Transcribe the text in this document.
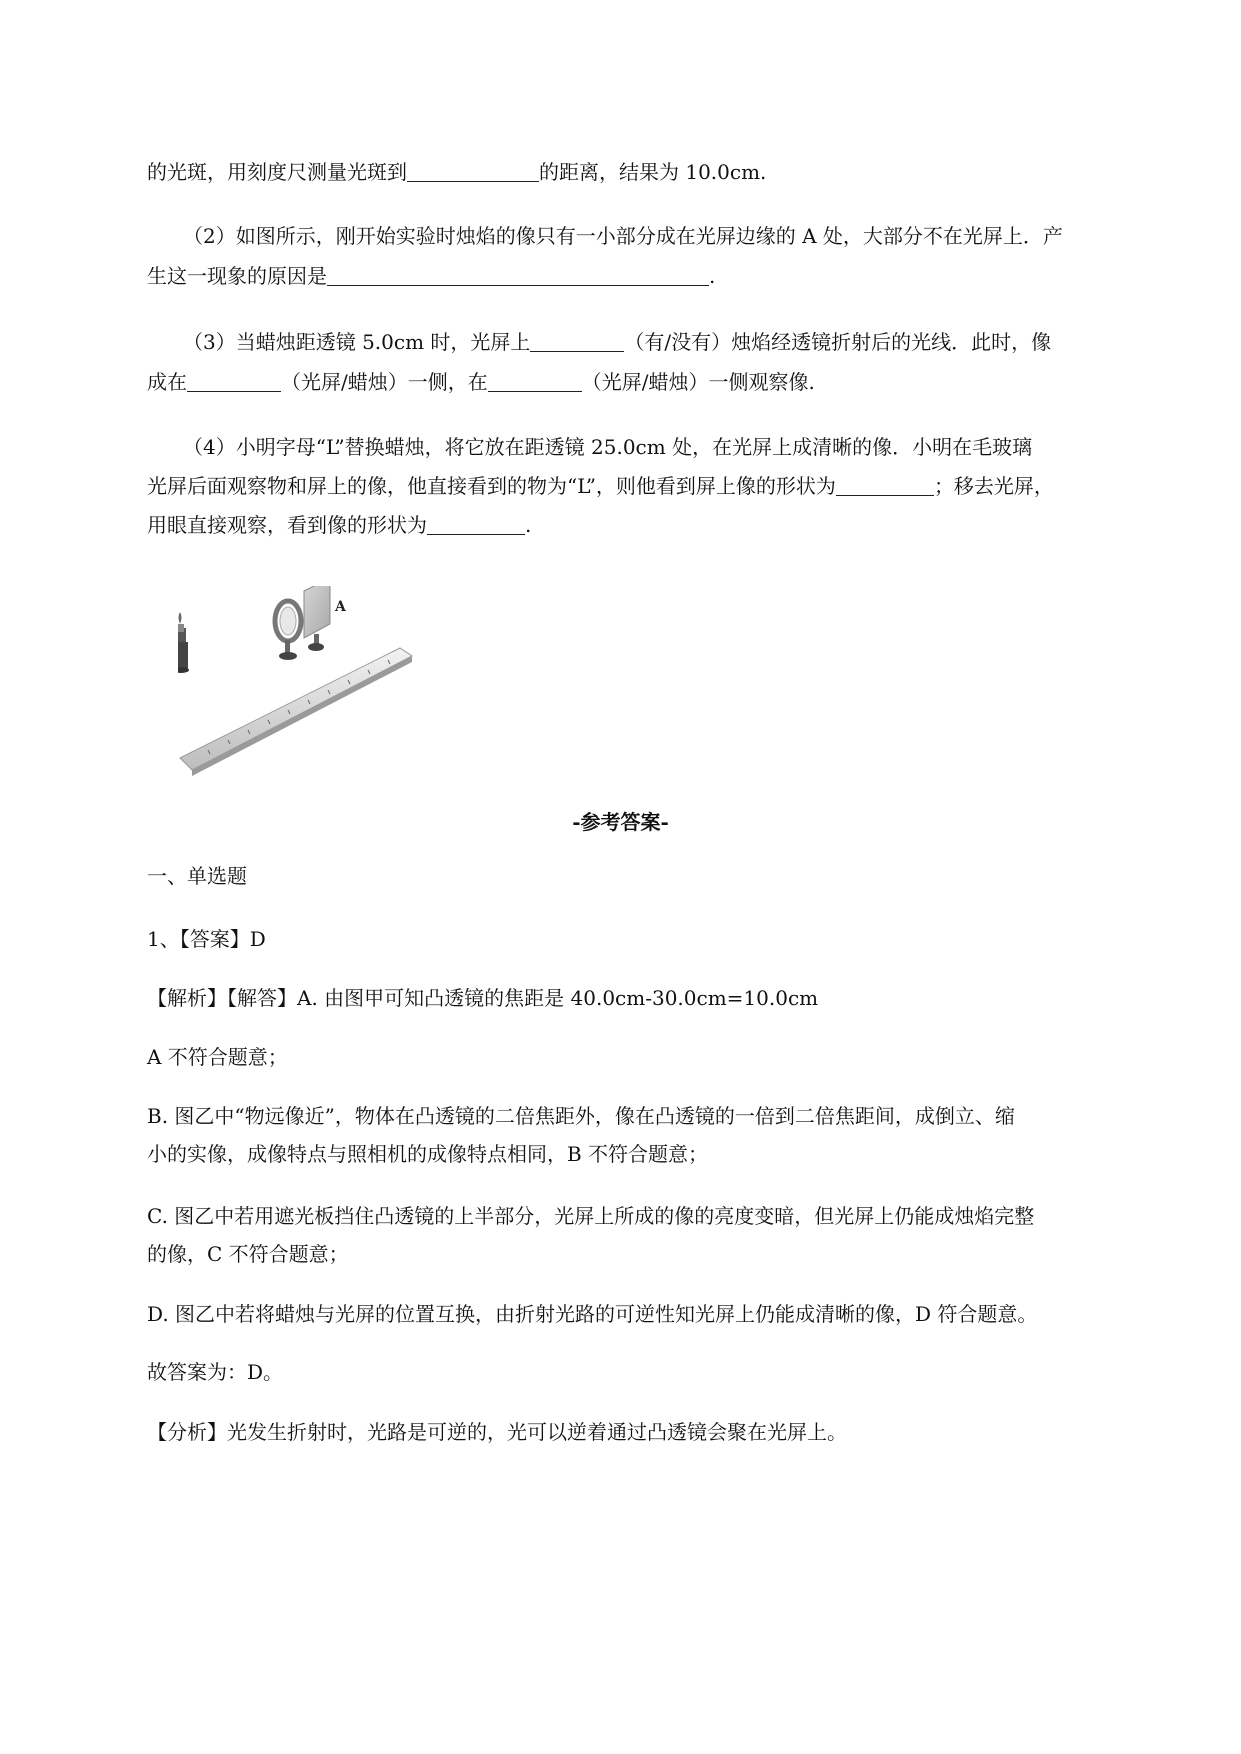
的光斑，用刻度尺测量光斑到	的距离，结果为 10.0cm.
（2）如图所示，刚开始实验时烛焰的像只有一小部分成在光屏边缘的 A 处，大部分不在光屏上．产
生这一现象的原因是	.
（3）当蜡烛距透镜 5.0cm 时，光屏上	（有/没有）烛焰经透镜折射后的光线．此时，像
成在	（光屏/蜡烛）一侧，在	（光屏/蜡烛）一侧观察像.
（4）小明字母“L”替换蜡烛，将它放在距透镜 25.0cm 处，在光屏上成清晰的像．小明在毛玻璃
光屏后面观察物和屏上的像，他直接看到的物为“L”，则他看到屏上像的形状为	；移去光屏，
用眼直接观察，看到像的形状为	.
A
-参考答案-
一、单选题
1、【答案】D
【解析】【解答】A. 由图甲可知凸透镜的焦距是 40.0cm-30.0cm=10.0cm
A 不符合题意；
B. 图乙中“物远像近”，物体在凸透镜的二倍焦距外，像在凸透镜的一倍到二倍焦距间，成倒立、缩
小的实像，成像特点与照相机的成像特点相同，B 不符合题意；
C. 图乙中若用遮光板挡住凸透镜的上半部分，光屏上所成的像的亮度变暗，但光屏上仍能成烛焰完整
的像，C 不符合题意；
D. 图乙中若将蜡烛与光屏的位置互换，由折射光路的可逆性知光屏上仍能成清晰的像，D 符合题意。
故答案为：D。
【分析】光发生折射时，光路是可逆的，光可以逆着通过凸透镜会聚在光屏上。
